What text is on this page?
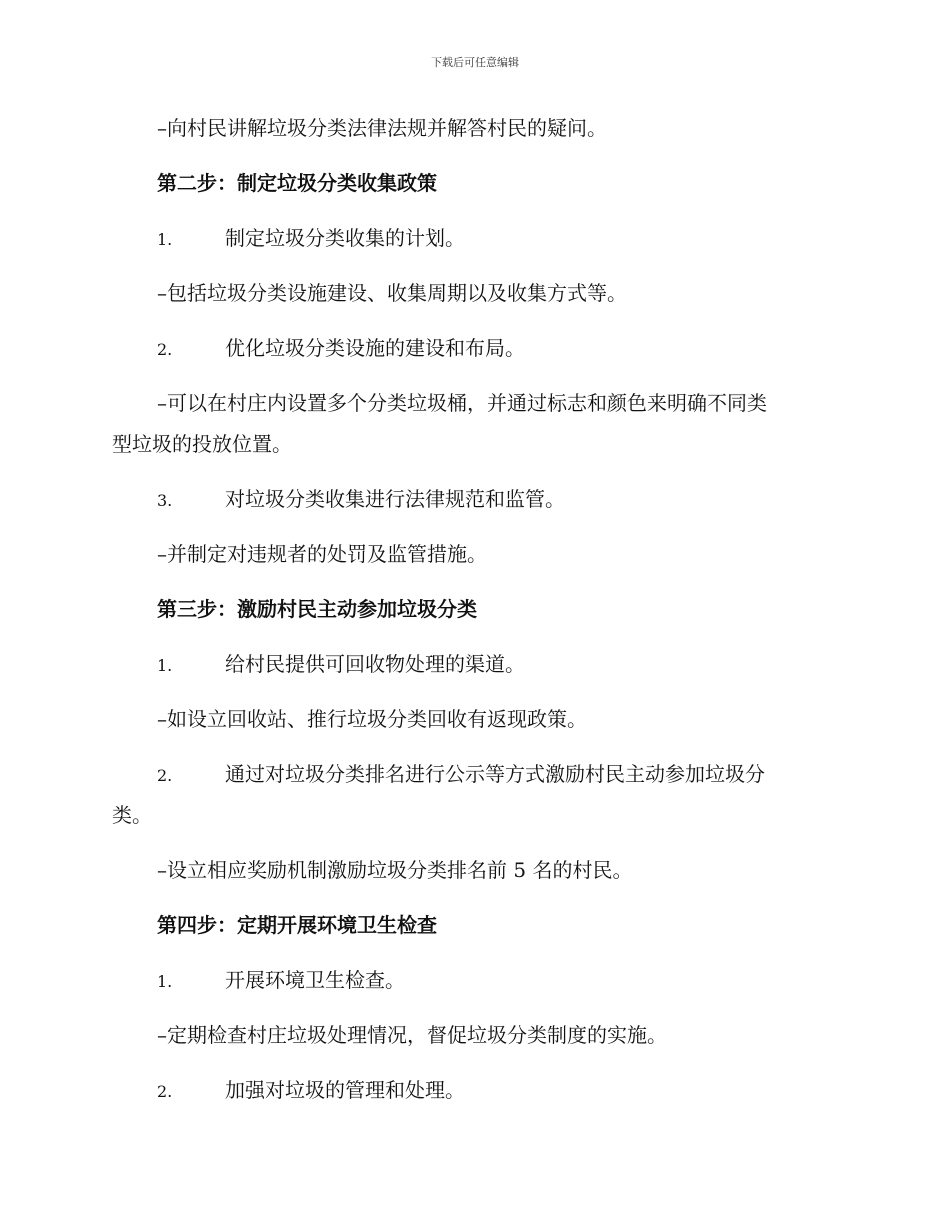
下载后可任意编辑
–向村民讲解垃圾分类法律法规并解答村民的疑问。
第二步：制定垃圾分类收集政策
1.	制定垃圾分类收集的计划。
–包括垃圾分类设施建设、收集周期以及收集方式等。
2.	优化垃圾分类设施的建设和布局。
–可以在村庄内设置多个分类垃圾桶，并通过标志和颜色来明确不同类
型垃圾的投放位置。
3.	对垃圾分类收集进行法律规范和监管。
–并制定对违规者的处罚及监管措施。
第三步：激励村民主动参加垃圾分类
1.	给村民提供可回收物处理的渠道。
–如设立回收站、推行垃圾分类回收有返现政策。
2.	通过对垃圾分类排名进行公示等方式激励村民主动参加垃圾分
类。
–设立相应奖励机制激励垃圾分类排名前 5 名的村民。
第四步：定期开展环境卫生检查
1.	开展环境卫生检查。
–定期检查村庄垃圾处理情况，督促垃圾分类制度的实施。
2.	加强对垃圾的管理和处理。
